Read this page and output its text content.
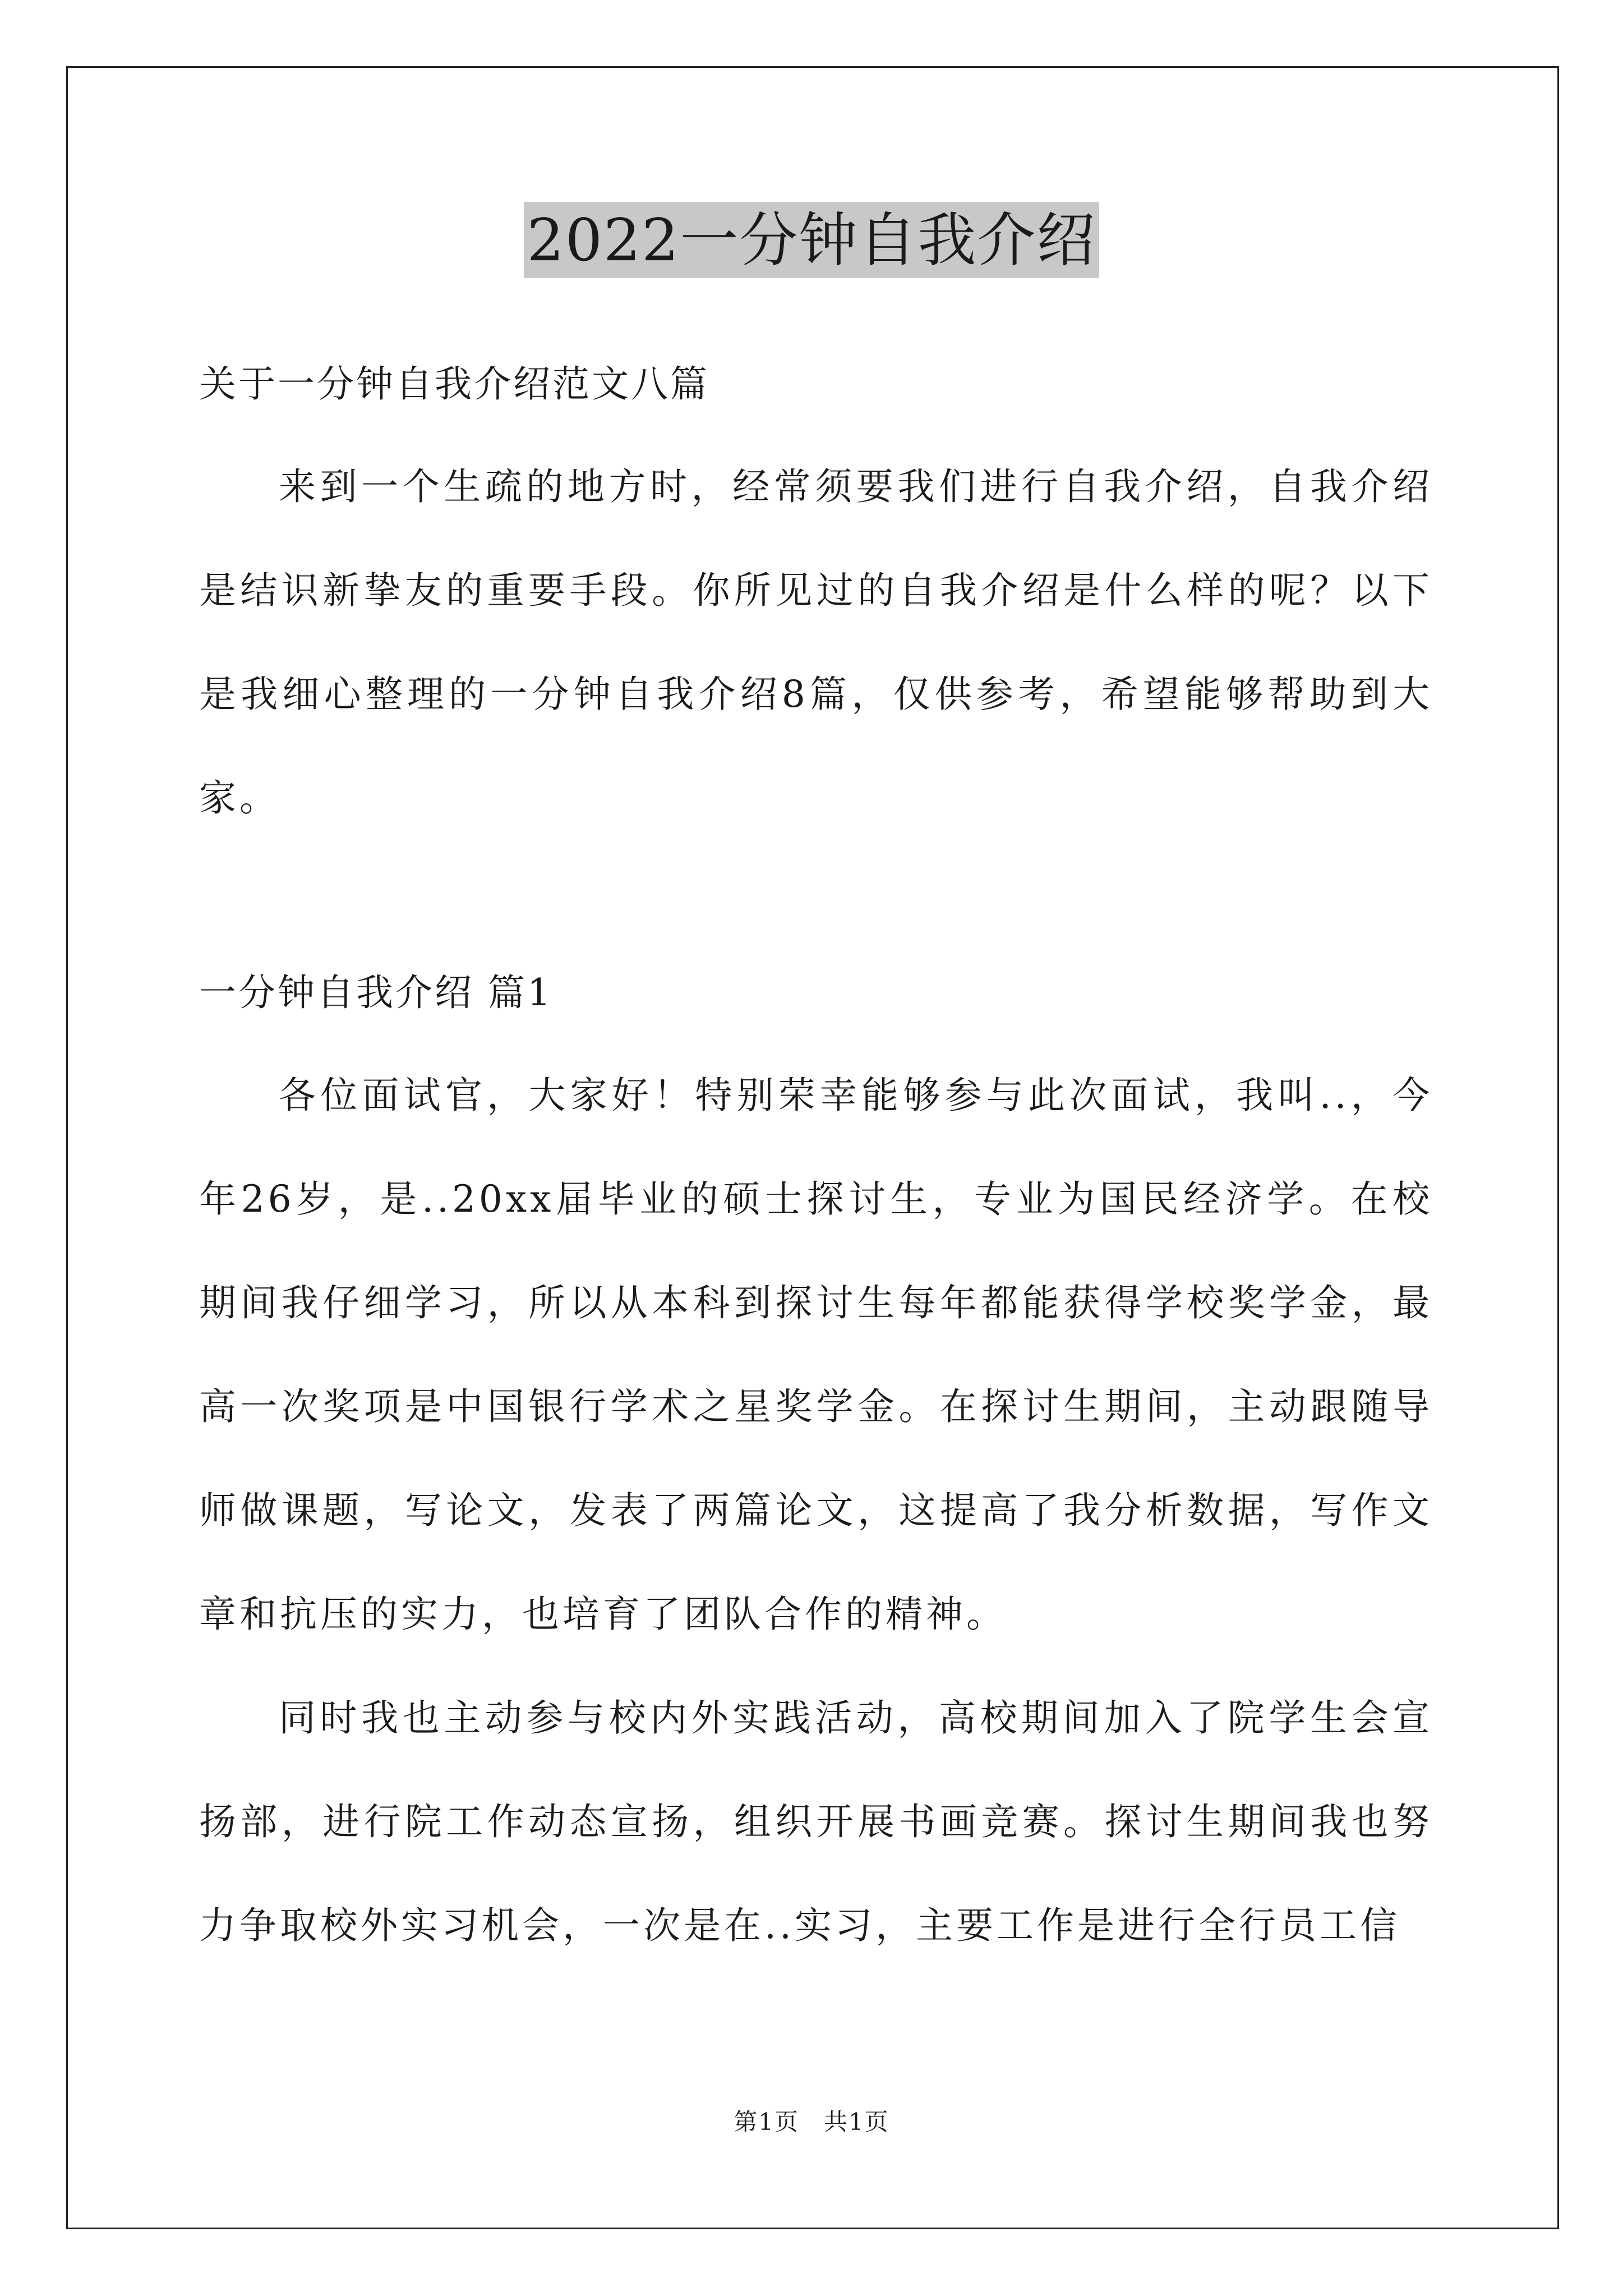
2022一分钟自我介绍

关于一分钟自我介绍范文八篇

来到一个生疏的地方时，经常须要我们进行自我介绍，自我介绍是结识新挚友的重要手段。你所见过的自我介绍是什么样的呢？以下是我细心整理的一分钟自我介绍8篇，仅供参考，希望能够帮助到大家。

一分钟自我介绍 篇1

各位面试官，大家好！特别荣幸能够参与此次面试，我叫..，今年26岁，是..20xx届毕业的硕士探讨生，专业为国民经济学。在校期间我仔细学习，所以从本科到探讨生每年都能获得学校奖学金，最高一次奖项是中国银行学术之星奖学金。在探讨生期间，主动跟随导师做课题，写论文，发表了两篇论文，这提高了我分析数据，写作文章和抗压的实力，也培育了团队合作的精神。

同时我也主动参与校内外实践活动，高校期间加入了院学生会宣扬部，进行院工作动态宣扬，组织开展书画竞赛。探讨生期间我也努力争取校外实习机会，一次是在..实习，主要工作是进行全行员工信

第1页　共1页
